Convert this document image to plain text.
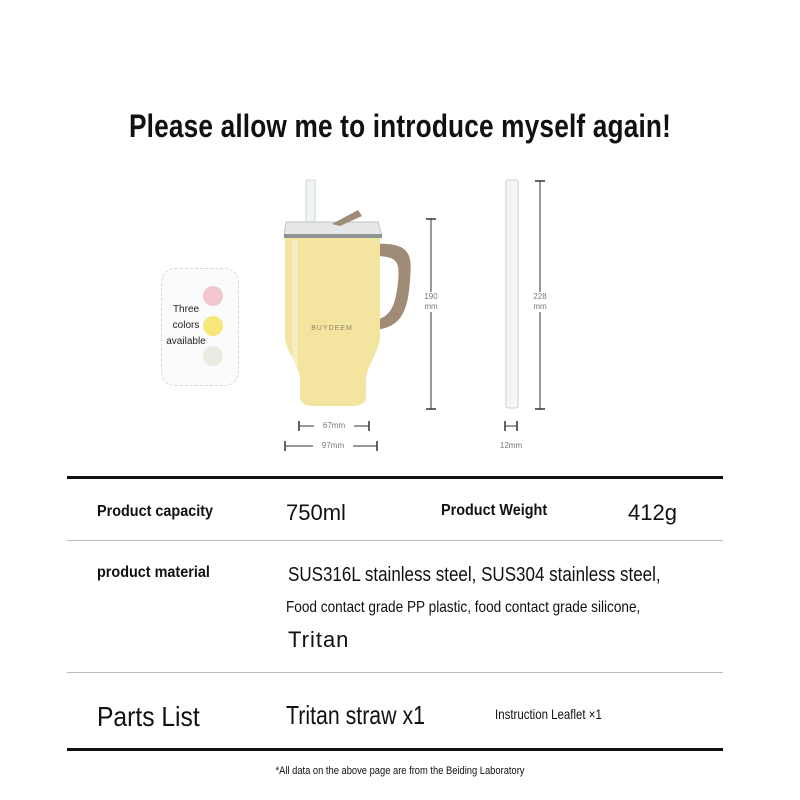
Please allow me to introduce myself again!
Three
colors
available
BUYDEEM
190
mm
228
mm
67mm
97mm	12mm
Product capacity	750ml	Product Weight	412g
product material	SUS316L stainless steel, SUS304 stainless steel,
Food contact grade PP plastic, food contact grade silicone,
Tritan
Parts List	Tritan straw x1	Instruction Leaflet ×1
*All data on the above page are from the Beiding Laboratory
